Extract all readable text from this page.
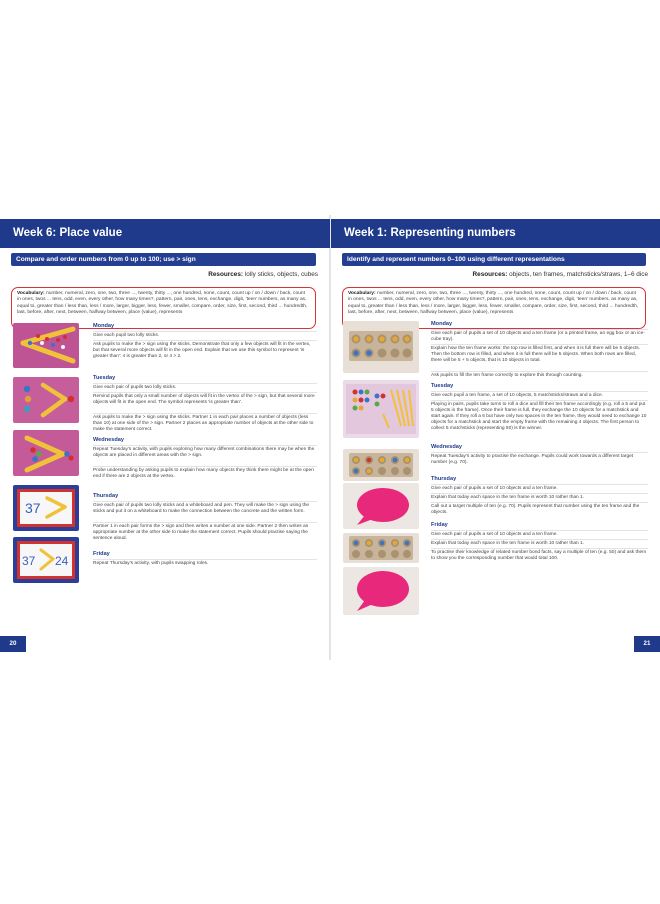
Week 6: Place value
Compare and order numbers from 0 up to 100; use > sign
Resources: lolly sticks, objects, cubes
Vocabulary: number, numeral, zero, one, two, three ..., twenty, thirty ..., one hundred, none, count, count up / on / down / back, count in ones, twos ... tens, odd, even, every other, how many times?, pattern, pair, ones, tens, exchange, digit, 'teen' numbers, as many as, equal to, greater than / less than, less / more, larger, bigger, less, fewer, smaller, compare, order, size, first, second, third ... hundredth, last, before, after, next, between, halfway between, place (value), represents
37
37 24
Monday
Give each pupil two lolly sticks.
Ask pupils to make the > sign using the sticks. Demonstrate that only a few objects will fit in the vertex, but that several more objects will fit in the open end. Explain that we use this symbol to represent 'is greater than': 4 is greater than 2, or 4 > 2.
Tuesday
Give each pair of pupils two lolly sticks.
Remind pupils that only a small number of objects will fit in the vertex of the > sign, but that several more objects will fit in the open end. The symbol represents 'is greater than'.
Ask pupils to make the > sign using the sticks. Partner 1 in each pair places a number of objects (less than 10) at one side of the > sign. Partner 2 places an appropriate number of objects at the other side to make the statement correct.
Wednesday
Repeat Tuesday's activity, with pupils exploring how many different combinations there may be when the objects are placed in different areas with the > sign.
Probe understanding by asking pupils to explain how many objects they think there might be at the open end if there are 2 objects at the vertex.
Thursday
Give each pair of pupils two lolly sticks and a whiteboard and pen. They will make the > sign using the sticks and put it on a whiteboard to make the connection between the concrete and the written form.
Partner 1 in each pair forms the > sign and then writes a number at one side. Partner 2 then writes an appropriate number at the other side to make the statement correct. Pupils should practise saying the sentence aloud.
Friday
Repeat Thursday's activity, with pupils swapping roles.
20
Week 1: Representing numbers
Identify and represent numbers 0–100 using different representations
Resources: objects, ten frames, matchsticks/straws, 1–6 dice
Vocabulary: number, numeral, zero, one, two, three ..., twenty, thirty ..., one hundred, none, count, count up / on / down / back, count in ones, twos ... tens, odd, even, every other, how many times?, pattern, pair, ones, tens, exchange, digit, 'teen' numbers, as many as, equal to, greater than / less than, less / more, larger, bigger, less, fewer, smaller, compare, order, size, first, second, third ... hundredth, last, before, after, next, between, halfway between, place (value), represents
Monday
Give each pair of pupils a set of 10 objects and a ten frame (or a printed frame, an egg box or an ice-cube tray).
Explain how the ten frame works: the top row is filled first, and when it is full there will be 5 objects. Then the bottom row is filled, and when it is full there will be 5 objects. When both rows are filled, there will be 5 + 5 objects, that is 10 objects in total.
Ask pupils to fill the ten frame correctly to explore this through counting.
Tuesday
Give each pupil a ten frame, a set of 10 objects, 5 matchsticks/straws and a dice.
Playing in pairs, pupils take turns to roll a dice and fill their ten frame accordingly (e.g. roll a 5 and put 5 objects in the frame). Once their frame is full, they exchange the 10 objects for a matchstick and start again. If they roll a 6 but have only two spaces in the ten frame, they would need to exchange 10 objects for a matchstick and start the empty frame with the remaining 4 objects. The first person to collect 5 matchsticks (representing 50) is the winner.
Wednesday
Repeat Tuesday's activity to practise the exchange. Pupils could work towards a different target number (e.g. 70).
Thursday
Give each pair of pupils a set of 10 objects and a ten frame.
Explain that today each space in the ten frame is worth 10 rather than 1.
Call out a target multiple of ten (e.g. 70). Pupils represent that number using the ten frame and the objects.
Friday
Give each pair of pupils a set of 10 objects and a ten frame.
Explain that today each space in the ten frame is worth 10 rather than 1.
To practise their knowledge of related number bond facts, say a multiple of ten (e.g. 50) and ask them to show you the corresponding number that would total 100.
21
